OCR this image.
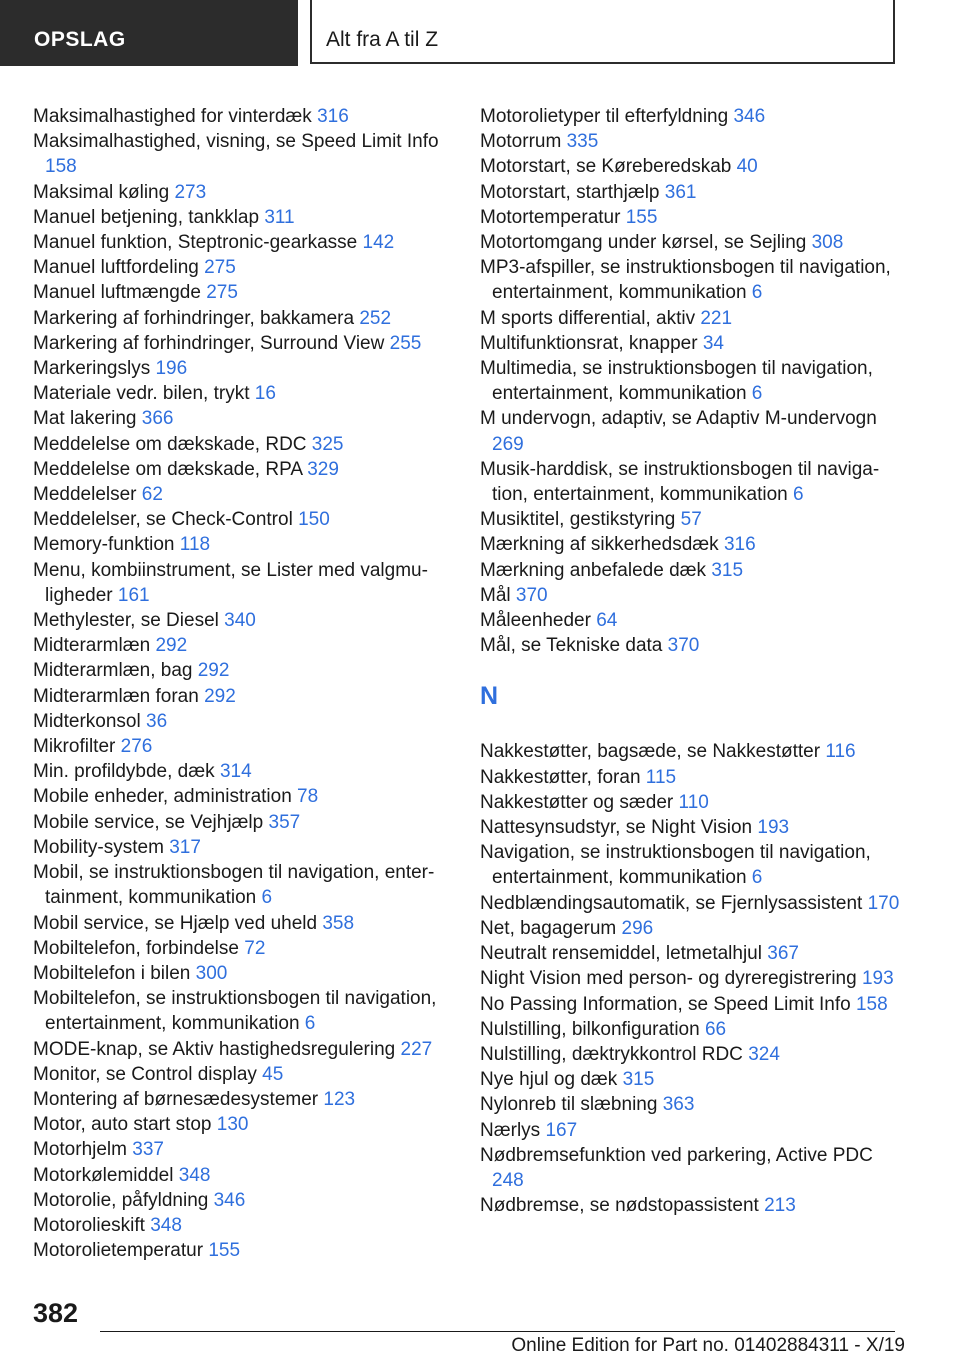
OPSLAG	Alt fra A til Z
Maksimalhastighed for vinterdæk 316
Maksimalhastighed, visning, se Speed Limit Info 158
Maksimal køling 273
Manuel betjening, tankklap 311
Manuel funktion, Steptronic-gearkasse 142
Manuel luftfordeling 275
Manuel luftmængde 275
Markering af forhindringer, bakkamera 252
Markering af forhindringer, Surround View 255
Markeringslys 196
Materiale vedr. bilen, trykt 16
Mat lakering 366
Meddelelse om dækskade, RDC 325
Meddelelse om dækskade, RPA 329
Meddelelser 62
Meddelelser, se Check-Control 150
Memory-funktion 118
Menu, kombiinstrument, se Lister med valgmuligheder 161
Methylester, se Diesel 340
Midterarmlæn 292
Midterarmlæn, bag 292
Midterarmlæn foran 292
Midterkonsol 36
Mikrofilter 276
Min. profildybde, dæk 314
Mobile enheder, administration 78
Mobile service, se Vejhjælp 357
Mobility-system 317
Mobil, se instruktionsbogen til navigation, entertainment, kommunikation 6
Mobil service, se Hjælp ved uheld 358
Mobiltelefon, forbindelse 72
Mobiltelefon i bilen 300
Mobiltelefon, se instruktionsbogen til navigation, entertainment, kommunikation 6
MODE-knap, se Aktiv hastighedsregulering 227
Monitor, se Control display 45
Montering af børnesædesystemer 123
Motor, auto start stop 130
Motorhjelm 337
Motorkølemiddel 348
Motorolie, påfyldning 346
Motorolieskift 348
Motorolietemperatur 155
Motorolietyper til efterfyldning 346
Motorrum 335
Motorstart, se Køreberedskab 40
Motorstart, starthjælp 361
Motortemperatur 155
Motortomgang under kørsel, se Sejling 308
MP3-afspiller, se instruktionsbogen til navigation, entertainment, kommunikation 6
M sports differential, aktiv 221
Multifunktionsrat, knapper 34
Multimedia, se instruktionsbogen til navigation, entertainment, kommunikation 6
M undervogn, adaptiv, se Adaptiv M-undervogn 269
Musik-harddisk, se instruktionsbogen til navigation, entertainment, kommunikation 6
Musiktitel, gestikstyring 57
Mærkning af sikkerhedsdæk 316
Mærkning anbefalede dæk 315
Mål 370
Måleenheder 64
Mål, se Tekniske data 370
N
Nakkestøtter, bagsæde, se Nakkestøtter 116
Nakkestøtter, foran 115
Nakkestøtter og sæder 110
Nattesynsudstyr, se Night Vision 193
Navigation, se instruktionsbogen til navigation, entertainment, kommunikation 6
Nedblændingsautomatik, se Fjernlysassistent 170
Net, bagagerum 296
Neutralt rensemiddel, letmetalhjul 367
Night Vision med person- og dyreregistrering 193
No Passing Information, se Speed Limit Info 158
Nulstilling, bilkonfiguration 66
Nulstilling, dæktrykkontrol RDC 324
Nye hjul og dæk 315
Nylonreb til slæbning 363
Nærlys 167
Nødbremsefunktion ved parkering, Active PDC 248
Nødbremse, se nødstopassistent 213
382
Online Edition for Part no. 01402884311 - X/19
